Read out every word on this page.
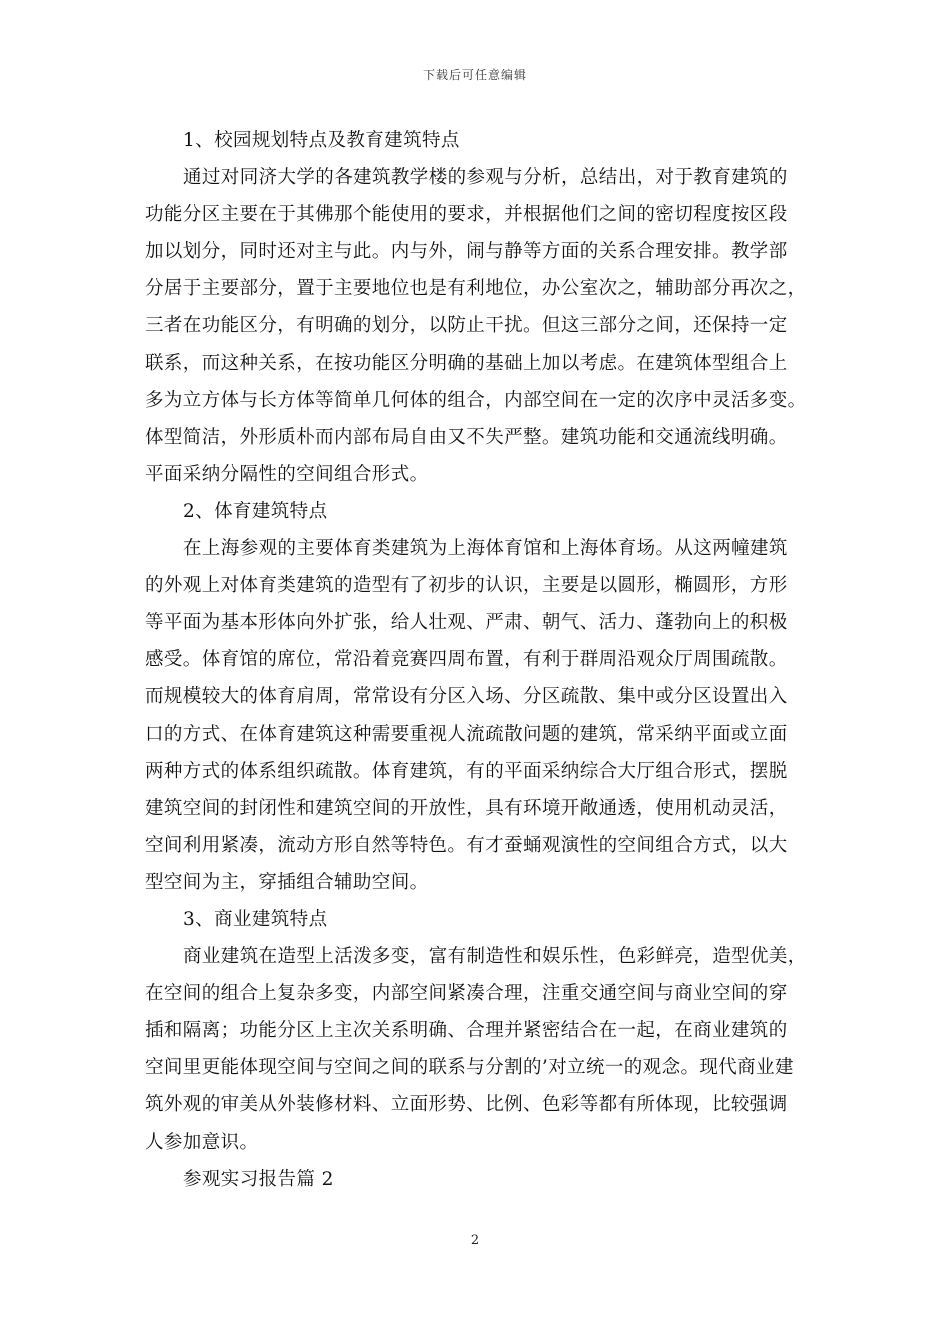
下载后可任意编辑
1、校园规划特点及教育建筑特点
通过对同济大学的各建筑教学楼的参观与分析，总结出，对于教育建筑的
功能分区主要在于其佛那个能使用的要求，并根据他们之间的密切程度按区段
加以划分，同时还对主与此。内与外，闹与静等方面的关系合理安排。教学部
分居于主要部分，置于主要地位也是有利地位，办公室次之，辅助部分再次之，
三者在功能区分，有明确的划分，以防止干扰。但这三部分之间，还保持一定
联系，而这种关系，在按功能区分明确的基础上加以考虑。在建筑体型组合上
多为立方体与长方体等简单几何体的组合，内部空间在一定的次序中灵活多变。
体型简洁，外形质朴而内部布局自由又不失严整。建筑功能和交通流线明确。
平面采纳分隔性的空间组合形式。
2、体育建筑特点
在上海参观的主要体育类建筑为上海体育馆和上海体育场。从这两幢建筑
的外观上对体育类建筑的造型有了初步的认识，主要是以圆形，椭圆形，方形
等平面为基本形体向外扩张，给人壮观、严肃、朝气、活力、蓬勃向上的积极
感受。体育馆的席位，常沿着竞赛四周布置，有利于群周沿观众厅周围疏散。
而规模较大的体育肩周，常常设有分区入场、分区疏散、集中或分区设置出入
口的方式、在体育建筑这种需要重视人流疏散问题的建筑，常采纳平面或立面
两种方式的体系组织疏散。体育建筑，有的平面采纳综合大厅组合形式，摆脱
建筑空间的封闭性和建筑空间的开放性，具有环境开敞通透，使用机动灵活，
空间利用紧凑，流动方形自然等特色。有才蚕蛹观演性的空间组合方式，以大
型空间为主，穿插组合辅助空间。
3、商业建筑特点
商业建筑在造型上活泼多变，富有制造性和娱乐性，色彩鲜亮，造型优美，
在空间的组合上复杂多变，内部空间紧凑合理，注重交通空间与商业空间的穿
插和隔离；功能分区上主次关系明确、合理并紧密结合在一起，在商业建筑的
空间里更能体现空间与空间之间的联系与分割的’对立统一的观念。现代商业建
筑外观的审美从外装修材料、立面形势、比例、色彩等都有所体现，比较强调
人参加意识。
参观实习报告篇 2
2
